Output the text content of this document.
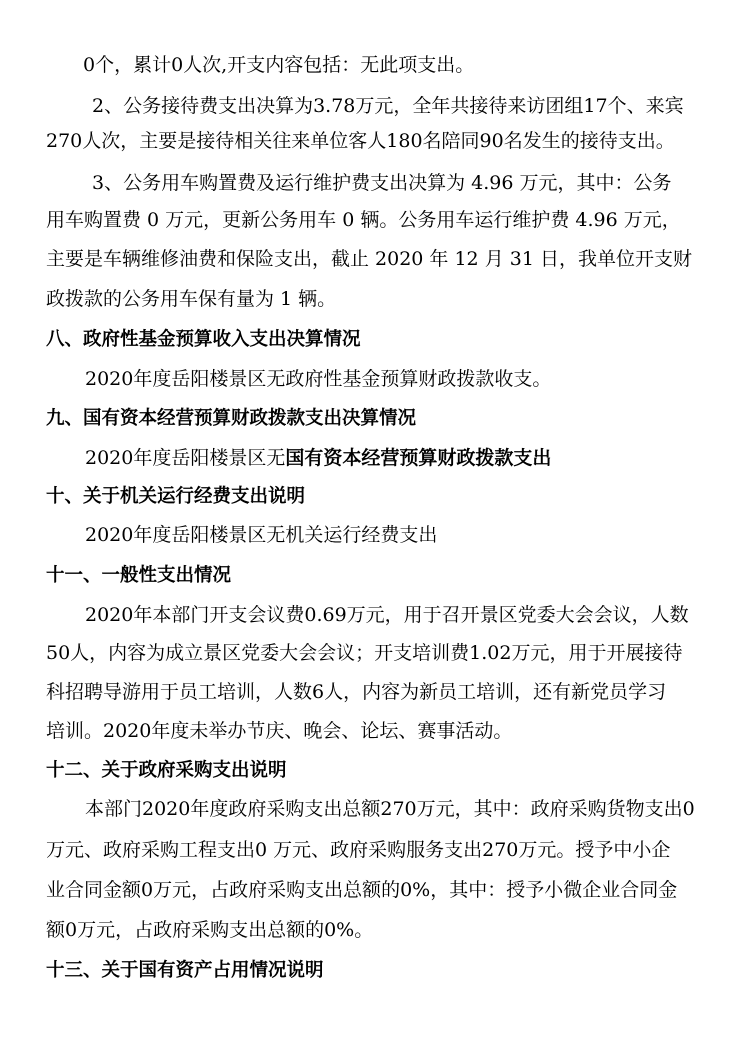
0个，累计0人次,开支内容包括：无此项支出。
2、公务接待费支出决算为3.78万元，全年共接待来访团组17个、来宾
270人次，主要是接待相关往来单位客人180名陪同90名发生的接待支出。
3、公务用车购置费及运行维护费支出决算为 4.96 万元，其中：公务
用车购置费 0 万元，更新公务用车 0 辆。公务用车运行维护费 4.96 万元，
主要是车辆维修油费和保险支出，截止 2020 年 12 月 31 日，我单位开支财
政拨款的公务用车保有量为 1 辆。
八、政府性基金预算收入支出决算情况
2020年度岳阳楼景区无政府性基金预算财政拨款收支。
九、国有资本经营预算财政拨款支出决算情况
2020年度岳阳楼景区无国有资本经营预算财政拨款支出
十、关于机关运行经费支出说明
2020年度岳阳楼景区无机关运行经费支出
十一、一般性支出情况
2020年本部门开支会议费0.69万元，用于召开景区党委大会会议，人数
50人，内容为成立景区党委大会会议；开支培训费1.02万元，用于开展接待
科招聘导游用于员工培训，人数6人，内容为新员工培训，还有新党员学习
培训。2020年度未举办节庆、晚会、论坛、赛事活动。
十二、关于政府采购支出说明
本部门2020年度政府采购支出总额270万元，其中：政府采购货物支出0
万元、政府采购工程支出0 万元、政府采购服务支出270万元。授予中小企
业合同金额0万元，占政府采购支出总额的0%，其中：授予小微企业合同金
额0万元，占政府采购支出总额的0%。
十三、关于国有资产占用情况说明
